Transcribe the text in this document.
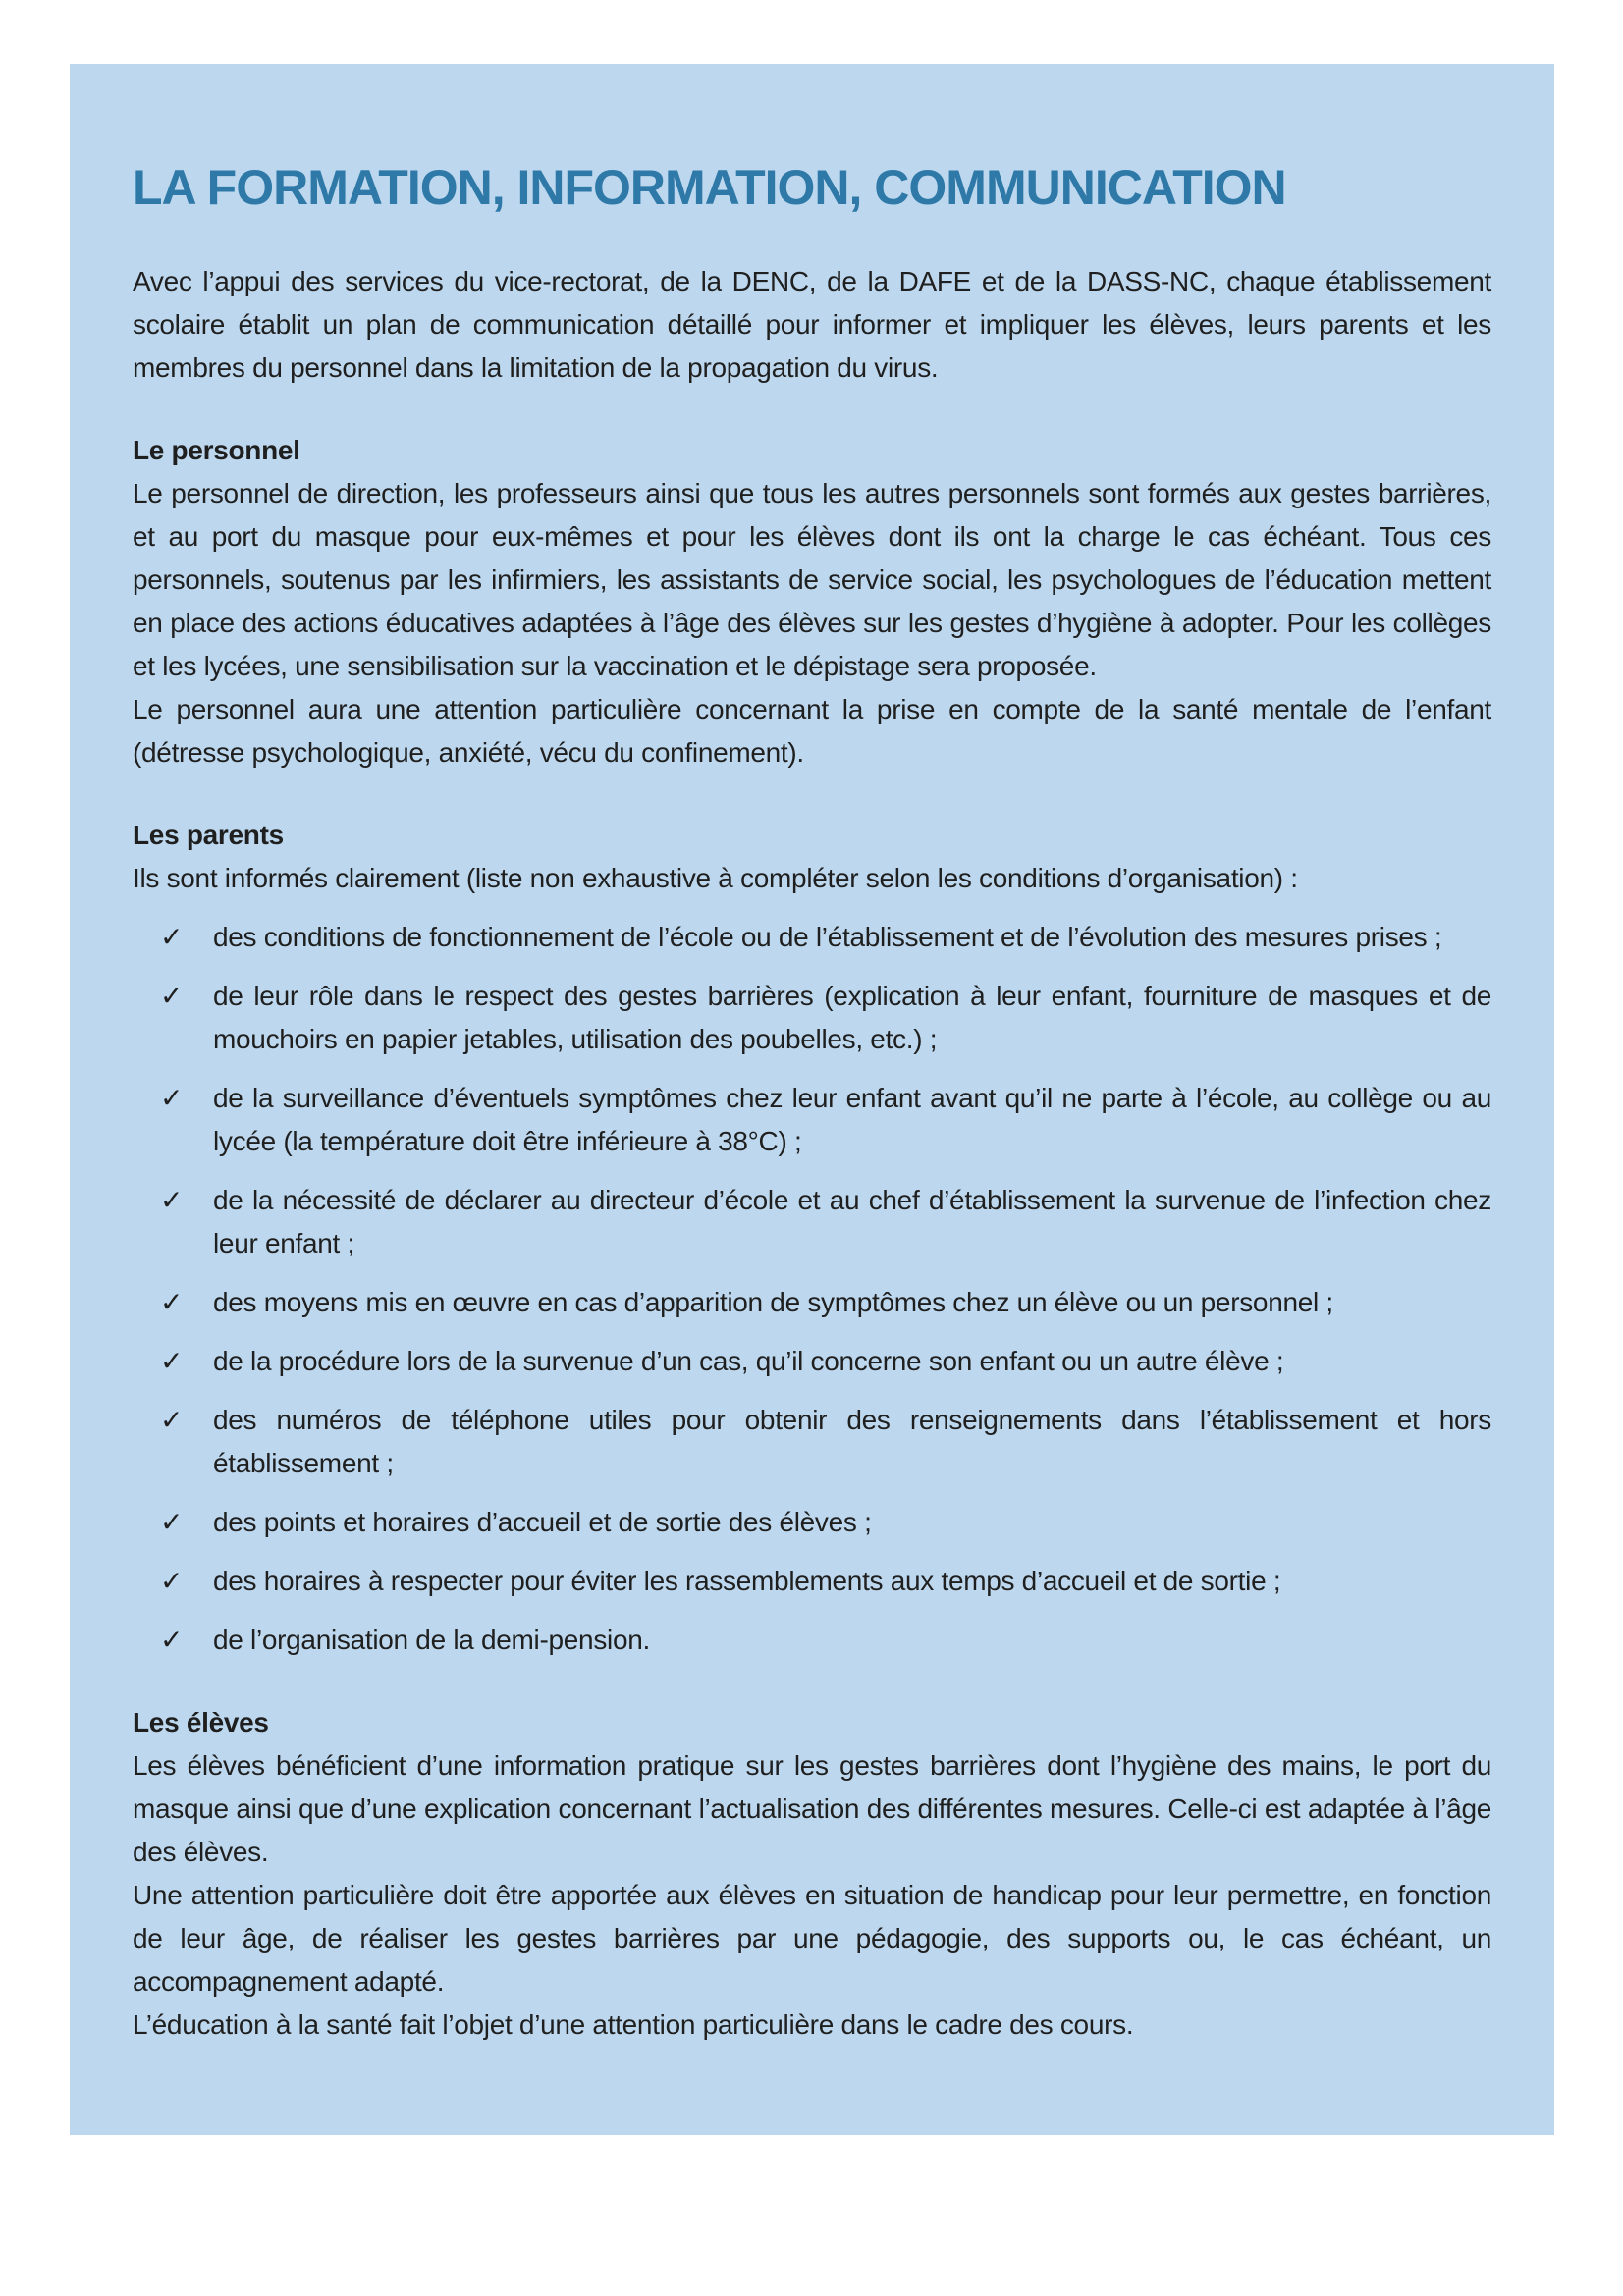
LA FORMATION, INFORMATION, COMMUNICATION

Avec l’appui des services du vice-rectorat, de la DENC, de la DAFE et de la DASS-NC, chaque établissement scolaire établit un plan de communication détaillé pour informer et impliquer les élèves, leurs parents et les membres du personnel dans la limitation de la propagation du virus.

Le personnel

Le personnel de direction, les professeurs ainsi que tous les autres personnels sont formés aux gestes barrières, et au port du masque pour eux-mêmes et pour les élèves dont ils ont la charge le cas échéant. Tous ces personnels, soutenus par les infirmiers, les assistants de service social, les psychologues de l’éducation mettent en place des actions éducatives adaptées à l’âge des élèves sur les gestes d’hygiène à adopter. Pour les collèges et les lycées, une sensibilisation sur la vaccination et le dépistage sera proposée.

Le personnel aura une attention particulière concernant la prise en compte de la santé mentale de l’enfant (détresse psychologique, anxiété, vécu du confinement).

Les parents

Ils sont informés clairement (liste non exhaustive à compléter selon les conditions d’organisation) :

✓ des conditions de fonctionnement de l’école ou de l’établissement et de l’évolution des mesures prises ;
✓ de leur rôle dans le respect des gestes barrières (explication à leur enfant, fourniture de masques et de mouchoirs en papier jetables, utilisation des poubelles, etc.) ;
✓ de la surveillance d’éventuels symptômes chez leur enfant avant qu’il ne parte à l’école, au collège ou au lycée (la température doit être inférieure à 38°C) ;
✓ de la nécessité de déclarer au directeur d’école et au chef d’établissement la survenue de l’infection chez leur enfant ;
✓ des moyens mis en œuvre en cas d’apparition de symptômes chez un élève ou un personnel ;
✓ de la procédure lors de la survenue d’un cas, qu’il concerne son enfant ou un autre élève ;
✓ des numéros de téléphone utiles pour obtenir des renseignements dans l’établissement et hors établissement ;
✓ des points et horaires d’accueil et de sortie des élèves ;
✓ des horaires à respecter pour éviter les rassemblements aux temps d’accueil et de sortie ;
✓ de l’organisation de la demi-pension.
Les élèves

Les élèves bénéficient d’une information pratique sur les gestes barrières dont l’hygiène des mains, le port du masque ainsi que d’une explication concernant l’actualisation des différentes mesures. Celle-ci est adaptée à l’âge des élèves.

Une attention particulière doit être apportée aux élèves en situation de handicap pour leur permettre, en fonction de leur âge, de réaliser les gestes barrières par une pédagogie, des supports ou, le cas échéant, un accompagnement adapté.

L’éducation à la santé fait l’objet d’une attention particulière dans le cadre des cours.
